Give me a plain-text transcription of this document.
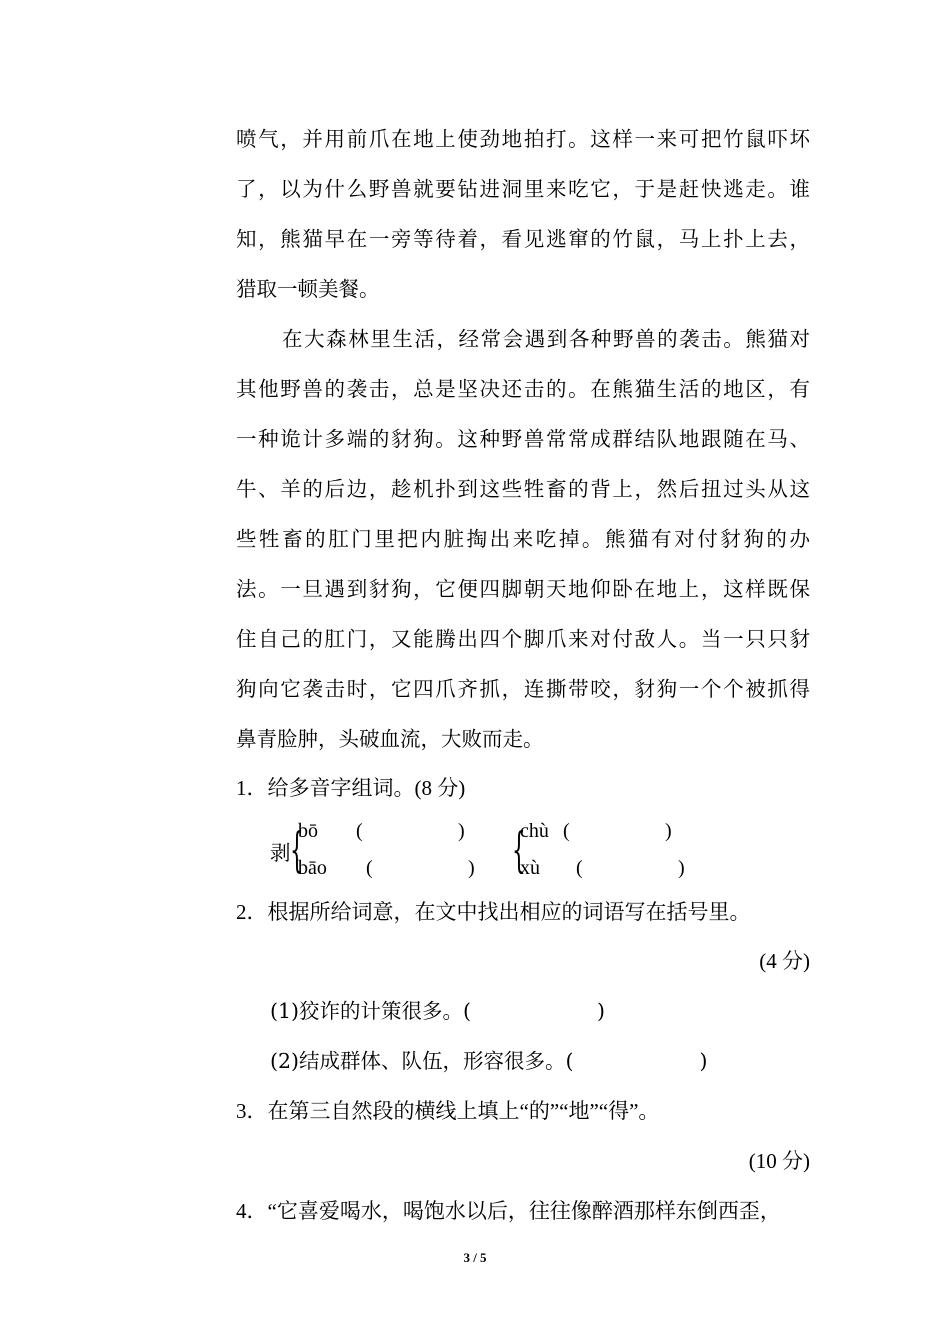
喷气，并用前爪在地上使劲地拍打。这样一来可把竹鼠吓坏

了，以为什么野兽就要钻进洞里来吃它，于是赶快逃走。谁

知，熊猫早在一旁等待着，看见逃窜的竹鼠，马上扑上去，

猎取一顿美餐。

在大森林里生活，经常会遇到各种野兽的袭击。熊猫对

其他野兽的袭击，总是坚决还击的。在熊猫生活的地区，有

一种诡计多端的豺狗。这种野兽常常成群结队地跟随在马、

牛、羊的后边，趁机扑到这些牲畜的背上，然后扭过头从这

些牲畜的肛门里把内脏掏出来吃掉。熊猫有对付豺狗的办

法。一旦遇到豺狗，它便四脚朝天地仰卧在地上，这样既保

住自己的肛门，又能腾出四个脚爪来对付敌人。当一只只豺

狗向它袭击时，它四爪齐抓，连撕带咬，豺狗一个个被抓得

鼻青脸肿，头破血流，大败而走。

1．给多音字组词。(8 分)

剥 {
bō (	)
bāo (	) {
chù (	)
xù (	)

2．根据所给词意，在文中找出相应的词语写在括号里。

(4 分)

(1)狡诈的计策很多。(	)

(2)结成群体、队伍，形容很多。(	)

3．在第三自然段的横线上填上“的”“地”“得”。

(10 分)

4．“它喜爱喝水，喝饱水以后，往往像醉酒那样东倒西歪，

3 / 5
